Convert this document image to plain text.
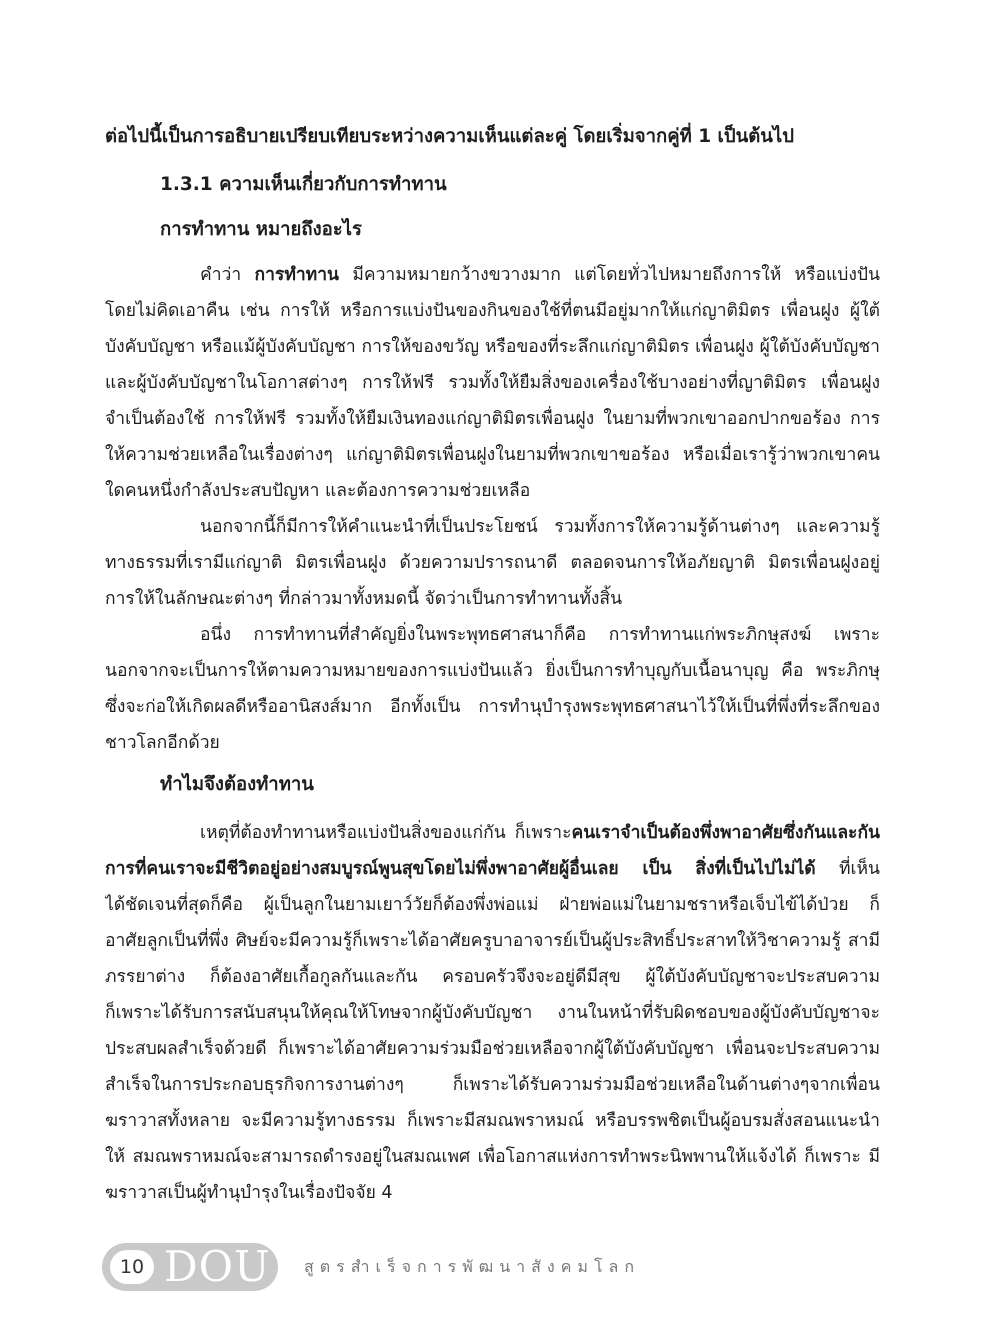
ต่อไปนี้เป็นการอธิบายเปรียบเทียบระหว่างความเห็นแต่ละคู่ โดยเริ่มจากคู่ที่ 1 เป็นต้นไป
1.3.1 ความเห็นเกี่ยวกับการทำทาน
การทำทาน หมายถึงอะไร
คำว่า การทำทาน มีความหมายกว้างขวางมาก แต่โดยทั่วไปหมายถึงการให้ หรือแบ่งปัน
โดยไม่คิดเอาคืน เช่น การให้ หรือการแบ่งปันของกินของใช้ที่ตนมีอยู่มากให้แก่ญาติมิตร เพื่อนฝูง ผู้ใต้
บังคับบัญชา หรือแม้ผู้บังคับบัญชา การให้ของขวัญ หรือของที่ระลึกแก่ญาติมิตร เพื่อนฝูง ผู้ใต้บังคับบัญชา
และผู้บังคับบัญชาในโอกาสต่างๆ การให้ฟรี รวมทั้งให้ยืมสิ่งของเครื่องใช้บางอย่างที่ญาติมิตร เพื่อนฝูง
จำเป็นต้องใช้ การให้ฟรี รวมทั้งให้ยืมเงินทองแก่ญาติมิตรเพื่อนฝูง ในยามที่พวกเขาออกปากขอร้อง การ
ให้ความช่วยเหลือในเรื่องต่างๆ แก่ญาติมิตรเพื่อนฝูงในยามที่พวกเขาขอร้อง หรือเมื่อเรารู้ว่าพวกเขาคน
ใดคนหนึ่งกำลังประสบปัญหา และต้องการความช่วยเหลือ
นอกจากนี้ก็มีการให้คำแนะนำที่เป็นประโยชน์ รวมทั้งการให้ความรู้ด้านต่างๆ และความรู้
ทางธรรมที่เรามีแก่ญาติ มิตรเพื่อนฝูง ด้วยความปรารถนาดี ตลอดจนการให้อภัยญาติ มิตรเพื่อนฝูงอยู่
การให้ในลักษณะต่างๆ ที่กล่าวมาทั้งหมดนี้ จัดว่าเป็นการทำทานทั้งสิ้น
อนึ่ง การทำทานที่สำคัญยิ่งในพระพุทธศาสนาก็คือ การทำทานแก่พระภิกษุสงฆ์ เพราะ
นอกจากจะเป็นการให้ตามความหมายของการแบ่งปันแล้ว ยิ่งเป็นการทำบุญกับเนื้อนาบุญ คือ พระภิกษุ
ซึ่งจะก่อให้เกิดผลดีหรืออานิสงส์มาก อีกทั้งเป็น การทำนุบำรุงพระพุทธศาสนาไว้ให้เป็นที่พึ่งที่ระลึกของ
ชาวโลกอีกด้วย
ทำไมจึงต้องทำทาน
เหตุที่ต้องทำทานหรือแบ่งปันสิ่งของแก่กัน ก็เพราะคนเราจำเป็นต้องพึ่งพาอาศัยซึ่งกันและกัน
การที่คนเราจะมีชีวิตอยู่อย่างสมบูรณ์พูนสุขโดยไม่พึ่งพาอาศัยผู้อื่นเลย เป็น สิ่งที่เป็นไปไม่ได้ ที่เห็น
ได้ชัดเจนที่สุดก็คือ ผู้เป็นลูกในยามเยาว์วัยก็ต้องพึ่งพ่อแม่ ฝ่ายพ่อแม่ในยามชราหรือเจ็บไข้ได้ป่วย ก็
อาศัยลูกเป็นที่พึ่ง ศิษย์จะมีความรู้ก็เพราะได้อาศัยครูบาอาจารย์เป็นผู้ประสิทธิ์ประสาทให้วิชาความรู้ สามี
ภรรยาต่าง ก็ต้องอาศัยเกื้อกูลกันและกัน ครอบครัวจึงจะอยู่ดีมีสุข ผู้ใต้บังคับบัญชาจะประสบความ
ก็เพราะได้รับการสนับสนุนให้คุณให้โทษจากผู้บังคับบัญชา งานในหน้าที่รับผิดชอบของผู้บังคับบัญชาจะ
ประสบผลสำเร็จด้วยดี ก็เพราะได้อาศัยความร่วมมือช่วยเหลือจากผู้ใต้บังคับบัญชา เพื่อนจะประสบความ
สำเร็จในการประกอบธุรกิจการงานต่างๆ ก็เพราะได้รับความร่วมมือช่วยเหลือในด้านต่างๆจากเพื่อน
ฆราวาสทั้งหลาย จะมีความรู้ทางธรรม ก็เพราะมีสมณพราหมณ์ หรือบรรพชิตเป็นผู้อบรมสั่งสอนแนะนำ
ให้ สมณพราหมณ์จะสามารถดำรงอยู่ในสมณเพศ เพื่อโอกาสแห่งการทำพระนิพพานให้แจ้งได้ ก็เพราะ มี
ฆราวาสเป็นผู้ทำนุบำรุงในเรื่องปัจจัย 4
10 DOU สูตรสำเร็จการพัฒนาสังคมโลก
